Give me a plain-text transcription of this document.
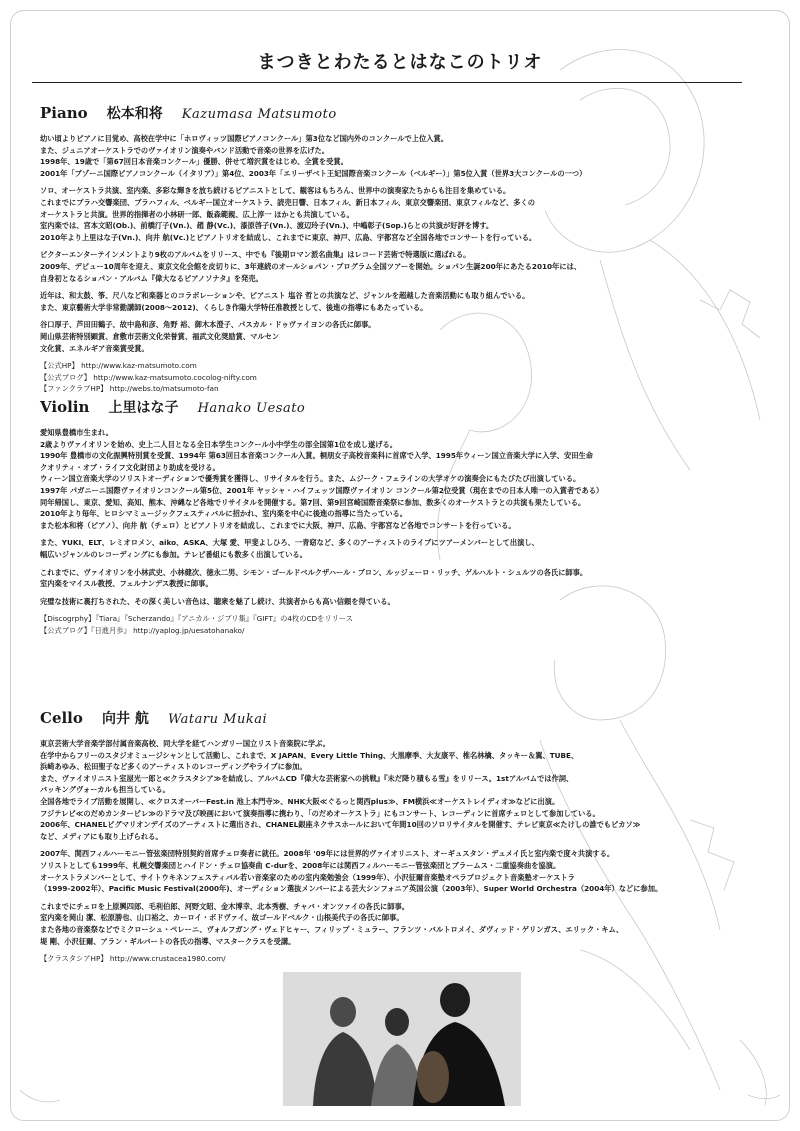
まつきとわたるとはなこのトリオ
Piano 松本和将 Kazumasa Matsumoto

幼い頃よりピアノに目覚め、高校在学中に「ホロヴィッツ国際ピアノコンクール」第3位など国内外のコンクールで上位入賞。

また、ジュニアオーケストラでのヴァイオリン演奏やバンド活動で音楽の世界を広げた。

1998年、19歳で「第67回日本音楽コンクール」優勝、併せて増沢賞をはじめ、全賞を受賞。

2001年「ブゾーニ国際ピアノコンクール（イタリア）」第4位、2003年「エリーザベト王妃国際音楽コンクール（ベルギー）」第5位入賞（世界3大コンクールの一つ）

ソロ、オーケストラ共演、室内楽、多彩な輝きを放ち続けるピアニストとして、観客はもちろん、世界中の演奏家たちからも注目を集めている。

これまでにプラハ交響楽団、ブラハフィル、ベルギー国立オーケストラ、読売日響、日本フィル、新日本フィル、東京交響楽団、東京フィルなど、多くの

オーケストラと共演。世界的指揮者の小林研一郎、飯森範親、広上淳一 ほかとも共演している。

室内楽では、宮本文昭(Ob.)、前橋汀子(Vn.)、趙 静(Vc.)、漆原啓子(Vn.)、渡辺玲子(Vn.)、中嶋彰子(Sop.)らとの共演が好評を博す。

2010年より上里はな子(Vn.)、向井 航(Vc.)とピアノトリオを結成し、これまでに東京、神戸、広島、宇都宮など全国各地でコンサートを行っている。

ビクターエンターテインメントより9枚のアルバムをリリース、中でも『後期ロマン派名曲集』はレコード芸術で特選版に選ばれる。

2009年、デビュー10周年を迎え、東京文化会館を皮切りに、3年連続のオールショパン・プログラム全国ツアーを開始。ショパン生誕200年にあたる2010年には、

自身初となるショパン・アルバム『偉大なるピアノソナタ』を発売。

近年は、和太鼓、筝、尺八など和楽器とのコラボレーションや、ピアニスト 塩谷 哲との共演など、ジャンルを超越した音楽活動にも取り組んでいる。

また、東京藝術大学非常勤講師(2008〜2012)、くらしき作陽大学特任准教授として、後進の指導にもあたっている。

谷口厚子、芦田田鶴子、故中島和彦、角野 裕、御木本澄子、パスカル・ドゥヴァイヨンの各氏に師事。

岡山県芸術特別顕賞、倉敷市芸術文化栄誉賞、福武文化奨励賞、マルセン

文化賞、エネルギア音楽賞受賞。

【公式HP】 http://www.kaz-matsumoto.com

【公式ブログ】 http://www.kaz-matsumoto.cocolog-nifty.com

【ファンクラブHP】 http://webs.to/matsumoto-fan

Violin 上里はな子 Hanako Uesato

愛知県豊橋市生まれ。

2歳よりヴァイオリンを始め、史上二人目となる全日本学生コンクール小中学生の部全国第1位を成し遂げる。

1990年 豊橋市の文化振興特別賞を受賞、1994年 第63回日本音楽コンクール入賞。桐朋女子高校音楽科に首席で入学、1995年ウィーン国立音楽大学に入学、安田生命

クオリティ・オブ・ライフ文化財団より助成を受ける。

ウィーン国立音楽大学のソリストオーディションで優秀賞を獲得し、リサイタルを行う。また、ムジーク・フェラインの大学オケの演奏会にもたびたび出演している。

1997年 パガニーニ国際ヴァイオリンコンクール第5位、2001年 ヤッシャ・ハイフェッツ国際ヴァイオリン コンクール第2位受賞（現在までの日本人唯一の入賞者である）

同年帰国し、東京、愛知、高知、熊本、沖縄など各地でリサイタルを開催する。第7回、第9回宮崎国際音楽祭に参加、数多くのオーケストラとの共演も果たしている。

2010年より毎年、ヒロシマミュージックフェスティバルに招かれ、室内楽を中心に後進の指導に当たっている。

また松本和将（ピアノ）、向井 航（チェロ）とピアノトリオを結成し、これまでに大阪、神戸、広島、宇都宮など各地でコンサートを行っている。

また、YUKI、ELT、レミオロメン、aiko、ASKA、大塚 愛、甲斐よしひろ、一青窈など、多くのアーティストのライブにツアーメンバーとして出演し、

幅広いジャンルのレコーディングにも参加。テレビ番組にも数多く出演している。

これまでに、ヴァイオリンを小林武史、小林健次、徳永二男、シモン・ゴールドベルクザハール・ブロン、ルッジェーロ・リッチ、ゲルハルト・シュルツの各氏に師事。

室内楽をマイスル教授、フェルナンデス教授に師事。

完璧な技術に裏打ちされた、その深く美しい音色は、聴衆を魅了し続け、共演者からも高い信頼を得ている。

【Discogrphy】『Tiara』『Scherzando』『アニカル・ジブリ集』『GIFT』の4枚のCDをリリース

【公式ブログ】『日進月歩』 http://yaplog.jp/uesatohanako/

Cello 向井 航 Wataru Mukai

東京芸術大学音楽学部付属音楽高校、同大学を経てハンガリー国立リスト音楽院に学ぶ。

在学中からフリーのスタジオミュージシャンとして活動し、これまで、X JAPAN、Every Little Thing、大黒摩季、大友康平、椎名林檎、タッキー＆翼、TUBE、

浜崎あゆみ、松田聖子など多くのアーティストのレコーディングやライブに参加。

また、ヴァイオリニスト室屋光一郎と≪クラスタシア≫を結成し、アルバムCD『偉大な芸術家への挑戦』『未だ降り積もる雪』をリリース。1stアルバムでは作詞、

バッキングヴォーカルも担当している。

全国各地でライブ活動を展開し、≪クロスオーバーFest.in 池上本門寺≫、NHK大阪≪ぐるっと関西plus≫、FM横浜≪オーケストレイディオ≫などに出演。

フジテレビ≪のだめカンタービレ≫のドラマ及び映画において演奏指導に携わり、「のだめオーケストラ」にもコンサート、レコーディンに首席チェロとして参加している。

2006年、CHANELピグマリオンデイズのアーティストに選出され、CHANEL銀座ネクサスホールにおいて年間10回のソロリサイタルを開催す、テレビ東京≪たけしの誰でもピカソ≫

など、メディアにも取り上げられる。

2007年、関西フィルハーモニー管弦楽団特別契約首席チェロ奏者に就任。2008年 '09年には世界的ヴァイオリニスト、オーギュスタン・デュメイ氏と室内楽で度々共演する。

ソリストとしても1999年、札幌交響楽団とハイドン・チェロ協奏曲 C-durを、2008年には関西フィルハーモニー管弦楽団とブラームス・二重協奏曲を協演。

オーケストラメンバーとして、サイトウキネンフェスティバル若い音楽家のための室内楽勉強会（1999年）、小沢征爾音楽塾オペラプロジェクト音楽塾オーケストラ

（1999-2002年）、Pacific Music Festival(2000年)、オーディション選抜メンバーによる芸大シンフォニア英国公演（2003年）、Super World Orchestra（2004年）などに参加。

これまでにチェロを上原興四郎、毛利伯郎、河野文昭、金木博幸、北本秀樹、チャバ・オンツァイの各氏に師事。

室内楽を岡山 潔、松原勝也、山口裕之、カーロイ・ボドヴァイ、故ゴールドベルク・山根美代子の各氏に師事。

また各地の音楽祭などでミクローシュ・ペレーニ、ヴォルフガング・ヴェドヒャー、フィリップ・ミュラー、フランツ・バルトロメイ、ダヴィッド・ゲリンガス、エリック・キム、

堤 剛、小沢征爾、アラン・ギルバートの各氏の指導、マスタークラスを受講。

【クラスタシアHP】 http://www.crustacea1980.com/
